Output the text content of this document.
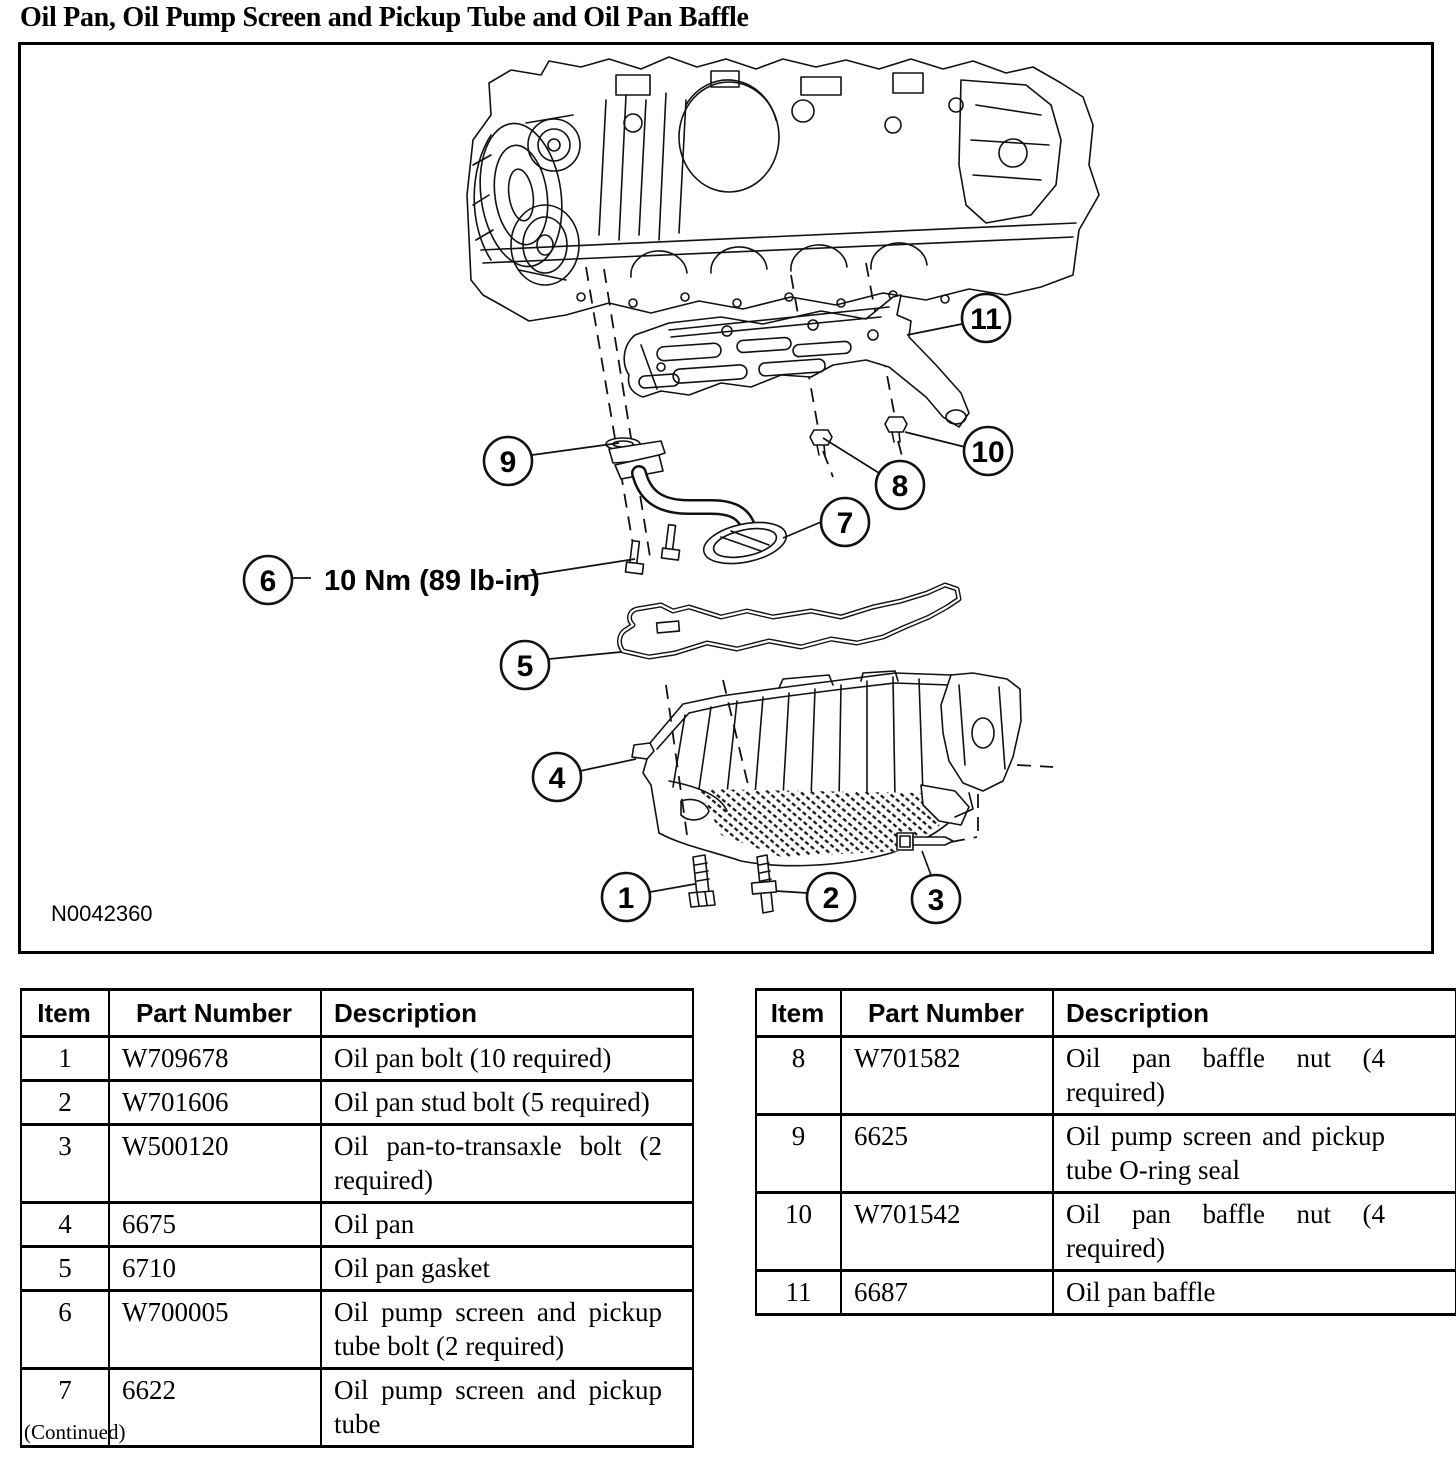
Oil Pan, Oil Pump Screen and Pickup Tube and Oil Pan Baffle
1	2	3
4
5
6
7
8
9	10
11
10 Nm (89 lb-in)
N0042360
Item	Part Number	Description
1	W709678	Oil pan bolt (10 required)
2	W701606	Oil pan stud bolt (5 required)
3	W500120	Oil pan-to-transaxle bolt (2 required)
4	6675	Oil pan
5	6710	Oil pan gasket
6	W700005	Oil pump screen and pickup tube bolt (2 required)
7	6622	Oil pump screen and pickup tube
Item	Part Number	Description
8	W701582	Oil pan baffle nut (4 required)
9	6625	Oil pump screen and pickup tube O-ring seal
10	W701542	Oil pan baffle nut (4 required)
11	6687	Oil pan baffle
(Continued)
